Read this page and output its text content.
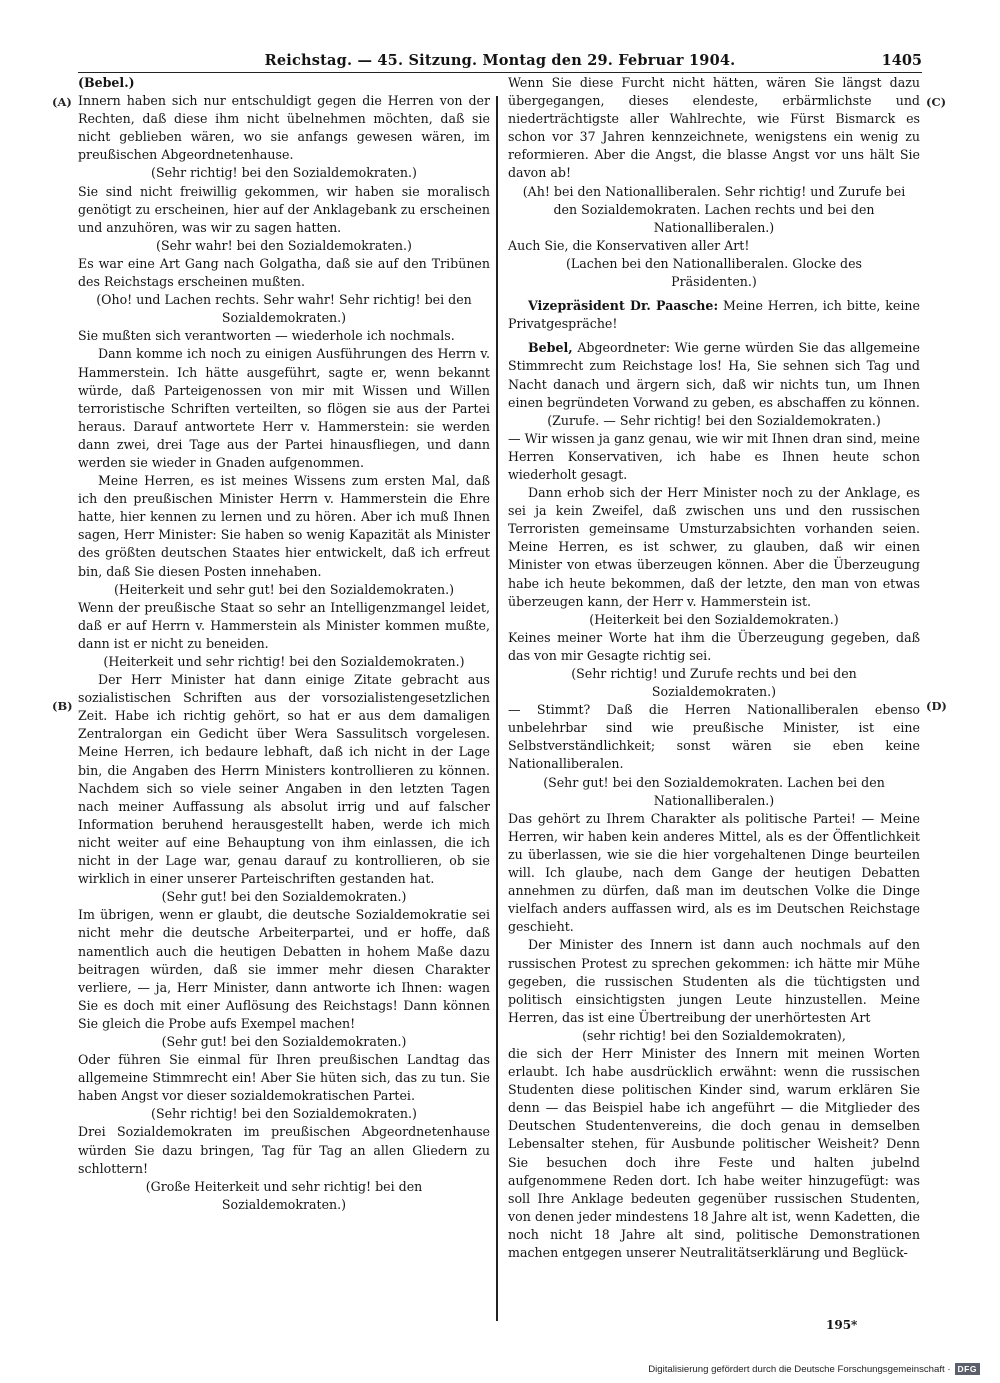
Reichstag. — 45. Sitzung. Montag den 29. Februar 1904.	1405
(A)
(B)
(C)
(D)

(Bebel.)

Innern haben sich nur entschuldigt gegen die Herren von der Rechten, daß diese ihm nicht übelnehmen möchten, daß sie nicht geblieben wären, wo sie anfangs gewesen wären, im preußischen Abgeordnetenhause.

(Sehr richtig! bei den Sozialdemokraten.)

Sie sind nicht freiwillig gekommen, wir haben sie moralisch genötigt zu erscheinen, hier auf der Anklagebank zu erscheinen und anzuhören, was wir zu sagen hatten.

(Sehr wahr! bei den Sozialdemokraten.)

Es war eine Art Gang nach Golgatha, daß sie auf den Tribünen des Reichstags erscheinen mußten.

(Oho! und Lachen rechts. Sehr wahr! Sehr richtig! bei den Sozialdemokraten.)

Sie mußten sich verantworten — wiederhole ich nochmals.

Dann komme ich noch zu einigen Ausführungen des Herrn v. Hammerstein. Ich hätte ausgeführt, sagte er, wenn bekannt würde, daß Parteigenossen von mir mit Wissen und Willen terroristische Schriften verteilten, so flögen sie aus der Partei heraus. Darauf antwortete Herr v. Hammerstein: sie werden dann zwei, drei Tage aus der Partei hinausfliegen, und dann werden sie wieder in Gnaden aufgenommen.

Meine Herren, es ist meines Wissens zum ersten Mal, daß ich den preußischen Minister Herrn v. Hammerstein die Ehre hatte, hier kennen zu lernen und zu hören. Aber ich muß Ihnen sagen, Herr Minister: Sie haben so wenig Kapazität als Minister des größten deutschen Staates hier entwickelt, daß ich erfreut bin, daß Sie diesen Posten innehaben.

(Heiterkeit und sehr gut! bei den Sozialdemokraten.)

Wenn der preußische Staat so sehr an Intelligenzmangel leidet, daß er auf Herrn v. Hammerstein als Minister kommen mußte, dann ist er nicht zu beneiden.

(Heiterkeit und sehr richtig! bei den Sozialdemokraten.)

Der Herr Minister hat dann einige Zitate gebracht aus sozialistischen Schriften aus der vorsozialistengesetzlichen Zeit. Habe ich richtig gehört, so hat er aus dem damaligen Zentralorgan ein Gedicht über Wera Sassulitsch vorgelesen. Meine Herren, ich bedaure lebhaft, daß ich nicht in der Lage bin, die Angaben des Herrn Ministers kontrollieren zu können. Nachdem sich so viele seiner Angaben in den letzten Tagen nach meiner Auffassung als absolut irrig und auf falscher Information beruhend herausgestellt haben, werde ich mich nicht weiter auf eine Behauptung von ihm einlassen, die ich nicht in der Lage war, genau darauf zu kontrollieren, ob sie wirklich in einer unserer Parteischriften gestanden hat.

(Sehr gut! bei den Sozialdemokraten.)

Im übrigen, wenn er glaubt, die deutsche Sozialdemokratie sei nicht mehr die deutsche Arbeiterpartei, und er hoffe, daß namentlich auch die heutigen Debatten in hohem Maße dazu beitragen würden, daß sie immer mehr diesen Charakter verliere, — ja, Herr Minister, dann antworte ich Ihnen: wagen Sie es doch mit einer Auflösung des Reichstags! Dann können Sie gleich die Probe aufs Exempel machen!

(Sehr gut! bei den Sozialdemokraten.)

Oder führen Sie einmal für Ihren preußischen Landtag das allgemeine Stimmrecht ein! Aber Sie hüten sich, das zu tun. Sie haben Angst vor dieser sozialdemokratischen Partei.

(Sehr richtig! bei den Sozialdemokraten.)

Drei Sozialdemokraten im preußischen Abgeordnetenhause würden Sie dazu bringen, Tag für Tag an allen Gliedern zu schlottern!

(Große Heiterkeit und sehr richtig! bei den Sozialdemokraten.)

Wenn Sie diese Furcht nicht hätten, wären Sie längst dazu übergegangen, dieses elendeste, erbärmlichste und niederträchtigste aller Wahlrechte, wie Fürst Bismarck es schon vor 37 Jahren kennzeichnete, wenigstens ein wenig zu reformieren. Aber die Angst, die blasse Angst vor uns hält Sie davon ab!

(Ah! bei den Nationalliberalen. Sehr richtig! und Zurufe bei den Sozialdemokraten. Lachen rechts und bei den Nationalliberalen.)

Auch Sie, die Konservativen aller Art!

(Lachen bei den Nationalliberalen. Glocke des Präsidenten.)

Vizepräsident Dr. Paasche: Meine Herren, ich bitte, keine Privatgespräche!

Bebel, Abgeordneter: Wie gerne würden Sie das allgemeine Stimmrecht zum Reichstage los! Ha, Sie sehnen sich Tag und Nacht danach und ärgern sich, daß wir nichts tun, um Ihnen einen begründeten Vorwand zu geben, es abschaffen zu können.

(Zurufe. — Sehr richtig! bei den Sozialdemokraten.)

— Wir wissen ja ganz genau, wie wir mit Ihnen dran sind, meine Herren Konservativen, ich habe es Ihnen heute schon wiederholt gesagt.

Dann erhob sich der Herr Minister noch zu der Anklage, es sei ja kein Zweifel, daß zwischen uns und den russischen Terroristen gemeinsame Umsturzabsichten vorhanden seien. Meine Herren, es ist schwer, zu glauben, daß wir einen Minister von etwas überzeugen können. Aber die Überzeugung habe ich heute bekommen, daß der letzte, den man von etwas überzeugen kann, der Herr v. Hammerstein ist.

(Heiterkeit bei den Sozialdemokraten.)

Keines meiner Worte hat ihm die Überzeugung gegeben, daß das von mir Gesagte richtig sei.

(Sehr richtig! und Zurufe rechts und bei den Sozialdemokraten.)

— Stimmt? Daß die Herren Nationalliberalen ebenso unbelehrbar sind wie preußische Minister, ist eine Selbstverständlichkeit; sonst wären sie eben keine Nationalliberalen.

(Sehr gut! bei den Sozialdemokraten. Lachen bei den Nationalliberalen.)

Das gehört zu Ihrem Charakter als politische Partei! — Meine Herren, wir haben kein anderes Mittel, als es der Öffentlichkeit zu überlassen, wie sie die hier vorgehaltenen Dinge beurteilen will. Ich glaube, nach dem Gange der heutigen Debatten annehmen zu dürfen, daß man im deutschen Volke die Dinge vielfach anders auffassen wird, als es im Deutschen Reichstage geschieht.

Der Minister des Innern ist dann auch nochmals auf den russischen Protest zu sprechen gekommen: ich hätte mir Mühe gegeben, die russischen Studenten als die tüchtigsten und politisch einsichtigsten jungen Leute hinzustellen. Meine Herren, das ist eine Übertreibung der unerhörtesten Art

(sehr richtig! bei den Sozialdemokraten),

die sich der Herr Minister des Innern mit meinen Worten erlaubt. Ich habe ausdrücklich erwähnt: wenn die russischen Studenten diese politischen Kinder sind, warum erklären Sie denn — das Beispiel habe ich angeführt — die Mitglieder des Deutschen Studentenvereins, die doch genau in demselben Lebensalter stehen, für Ausbunde politischer Weisheit? Denn Sie besuchen doch ihre Feste und halten jubelnd aufgenommene Reden dort. Ich habe weiter hinzugefügt: was soll Ihre Anklage bedeuten gegenüber russischen Studenten, von denen jeder mindestens 18 Jahre alt ist, wenn Kadetten, die noch nicht 18 Jahre alt sind, politische Demonstrationen machen entgegen unserer Neutralitätserklärung und Beglück-

195*
Digitalisierung gefördert durch die Deutsche Forschungsgemeinschaft · DFG
